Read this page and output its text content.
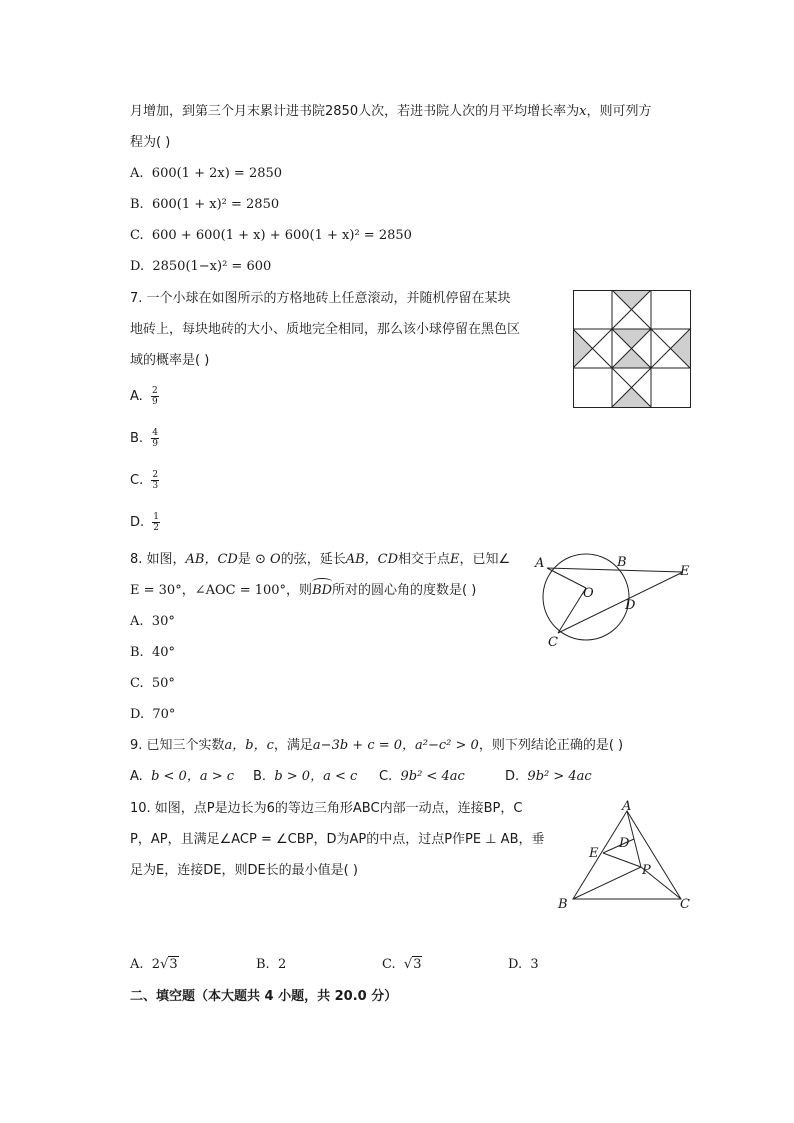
月增加，到第三个月末累计进书院2850人次，若进书院人次的月平均增长率为x，则可列方
程为( )
A. 600(1 + 2x) = 2850
B. 600(1 + x)² = 2850
C. 600 + 600(1 + x) + 600(1 + x)² = 2850
D. 2850(1−x)² = 600
7. 一个小球在如图所示的方格地砖上任意滚动，并随机停留在某块
地砖上，每块地砖的大小、质地完全相同，那么该小球停留在黑色区
域的概率是( )
A. $\frac{2}{9}$
B. $\frac{4}{9}$
C. $\frac{2}{3}$
D. $\frac{1}{2}$
8. 如图，AB，CD是 ⊙ O的弦，延长AB，CD相交于点E，已知∠
E = 30°，∠AOC = 100°，则BD所对的圆心角的度数是( )
A. 30°
B. 40°
C. 50°
D. 70°
A	B
E
O
D
C
9. 已知三个实数a，b，c，满足a−3b + c = 0，a²−c² > 0，则下列结论正确的是( )
A. b < 0，a > c B. b > 0，a < c C. 9b² < 4ac	D. 9b² > 4ac
10. 如图，点P是边长为6的等边三角形ABC内部一动点，连接BP，C
P，AP，且满足∠ACP = ∠CBP，D为AP的中点，过点P作PE ⊥ AB，垂
足为E，连接DE，则DE长的最小值是( )
A
B	C
D
E
P
A. 2√3	B. 2	C.  √3	D. 3
二、填空题（本大题共 4 小题，共 20.0 分）
